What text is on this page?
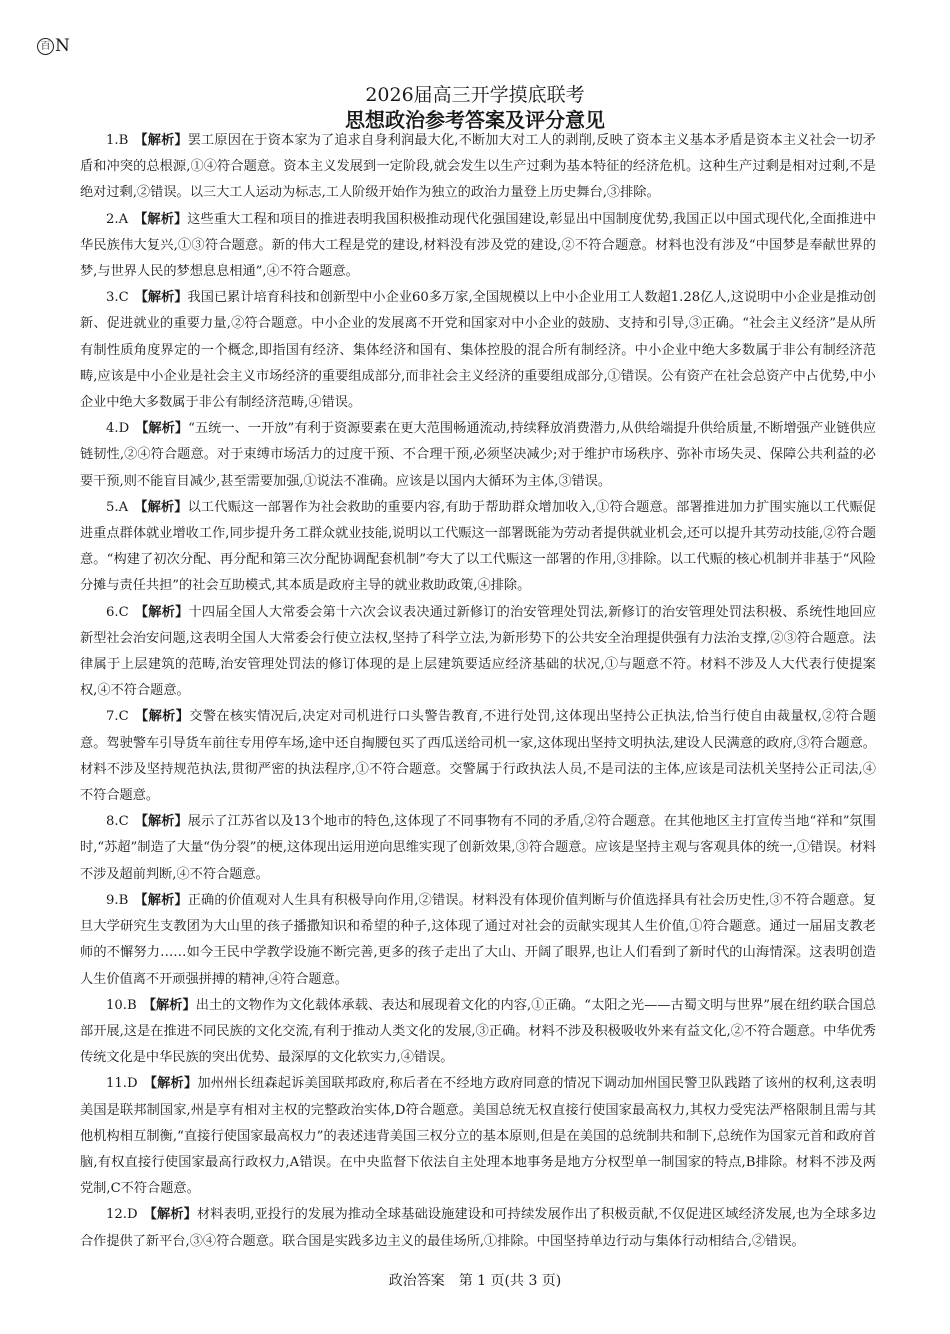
百 N
2026届高三开学摸底联考
思想政治参考答案及评分意见

1.B 【解析】罢工原因在于资本家为了追求自身利润最大化,不断加大对工人的剥削,反映了资本主义基本矛盾是资本主义社会一切矛盾和冲突的总根源,①④符合题意。资本主义发展到一定阶段,就会发生以生产过剩为基本特征的经济危机。这种生产过剩是相对过剩,不是绝对过剩,②错误。以三大工人运动为标志,工人阶级开始作为独立的政治力量登上历史舞台,③排除。

2.A 【解析】这些重大工程和项目的推进表明我国积极推动现代化强国建设,彰显出中国制度优势,我国正以中国式现代化,全面推进中华民族伟大复兴,①③符合题意。新的伟大工程是党的建设,材料没有涉及党的建设,②不符合题意。材料也没有涉及“中国梦是奉献世界的梦,与世界人民的梦想息息相通”,④不符合题意。

3.C 【解析】我国已累计培育科技和创新型中小企业60多万家,全国规模以上中小企业用工人数超1.28亿人,这说明中小企业是推动创新、促进就业的重要力量,②符合题意。中小企业的发展离不开党和国家对中小企业的鼓励、支持和引导,③正确。“社会主义经济”是从所有制性质角度界定的一个概念,即指国有经济、集体经济和国有、集体控股的混合所有制经济。中小企业中绝大多数属于非公有制经济范畴,应该是中小企业是社会主义市场经济的重要组成部分,而非社会主义经济的重要组成部分,①错误。公有资产在社会总资产中占优势,中小企业中绝大多数属于非公有制经济范畴,④错误。

4.D 【解析】“五统一、一开放”有利于资源要素在更大范围畅通流动,持续释放消费潜力,从供给端提升供给质量,不断增强产业链供应链韧性,②④符合题意。对于束缚市场活力的过度干预、不合理干预,必须坚决减少;对于维护市场秩序、弥补市场失灵、保障公共利益的必要干预,则不能盲目减少,甚至需要加强,①说法不准确。应该是以国内大循环为主体,③错误。

5.A 【解析】以工代赈这一部署作为社会救助的重要内容,有助于帮助群众增加收入,①符合题意。部署推进加力扩围实施以工代赈促进重点群体就业增收工作,同步提升务工群众就业技能,说明以工代赈这一部署既能为劳动者提供就业机会,还可以提升其劳动技能,②符合题意。“构建了初次分配、再分配和第三次分配协调配套机制”夸大了以工代赈这一部署的作用,③排除。以工代赈的核心机制并非基于“风险分摊与责任共担”的社会互助模式,其本质是政府主导的就业救助政策,④排除。

6.C 【解析】十四届全国人大常委会第十六次会议表决通过新修订的治安管理处罚法,新修订的治安管理处罚法积极、系统性地回应新型社会治安问题,这表明全国人大常委会行使立法权,坚持了科学立法,为新形势下的公共安全治理提供强有力法治支撑,②③符合题意。法律属于上层建筑的范畴,治安管理处罚法的修订体现的是上层建筑要适应经济基础的状况,①与题意不符。材料不涉及人大代表行使提案权,④不符合题意。

7.C 【解析】交警在核实情况后,决定对司机进行口头警告教育,不进行处罚,这体现出坚持公正执法,恰当行使自由裁量权,②符合题意。驾驶警车引导货车前往专用停车场,途中还自掏腰包买了西瓜送给司机一家,这体现出坚持文明执法,建设人民满意的政府,③符合题意。材料不涉及坚持规范执法,贯彻严密的执法程序,①不符合题意。交警属于行政执法人员,不是司法的主体,应该是司法机关坚持公正司法,④不符合题意。

8.C 【解析】展示了江苏省以及13个地市的特色,这体现了不同事物有不同的矛盾,②符合题意。在其他地区主打宣传当地“祥和”氛围时,“苏超”制造了大量“伪分裂”的梗,这体现出运用逆向思维实现了创新效果,③符合题意。应该是坚持主观与客观具体的统一,①错误。材料不涉及超前判断,④不符合题意。

9.B 【解析】正确的价值观对人生具有积极导向作用,②错误。材料没有体现价值判断与价值选择具有社会历史性,③不符合题意。复旦大学研究生支教团为大山里的孩子播撒知识和希望的种子,这体现了通过对社会的贡献实现其人生价值,①符合题意。通过一届届支教老师的不懈努力……如今王民中学教学设施不断完善,更多的孩子走出了大山、开阔了眼界,也让人们看到了新时代的山海情深。这表明创造人生价值离不开顽强拼搏的精神,④符合题意。

10.B 【解析】出土的文物作为文化载体承载、表达和展现着文化的内容,①正确。“太阳之光——古蜀文明与世界”展在纽约联合国总部开展,这是在推进不同民族的文化交流,有利于推动人类文化的发展,③正确。材料不涉及积极吸收外来有益文化,②不符合题意。中华优秀传统文化是中华民族的突出优势、最深厚的文化软实力,④错误。

11.D 【解析】加州州长纽森起诉美国联邦政府,称后者在不经地方政府同意的情况下调动加州国民警卫队践踏了该州的权利,这表明美国是联邦制国家,州是享有相对主权的完整政治实体,D符合题意。美国总统无权直接行使国家最高权力,其权力受宪法严格限制且需与其他机构相互制衡,“直接行使国家最高权力”的表述违背美国三权分立的基本原则,但是在美国的总统制共和制下,总统作为国家元首和政府首脑,有权直接行使国家最高行政权力,A错误。在中央监督下依法自主处理本地事务是地方分权型单一制国家的特点,B排除。材料不涉及两党制,C不符合题意。

12.D 【解析】材料表明,亚投行的发展为推动全球基础设施建设和可持续发展作出了积极贡献,不仅促进区域经济发展,也为全球多边合作提供了新平台,③④符合题意。联合国是实践多边主义的最佳场所,①排除。中国坚持单边行动与集体行动相结合,②错误。

政治答案　第 1 页(共 3 页)
